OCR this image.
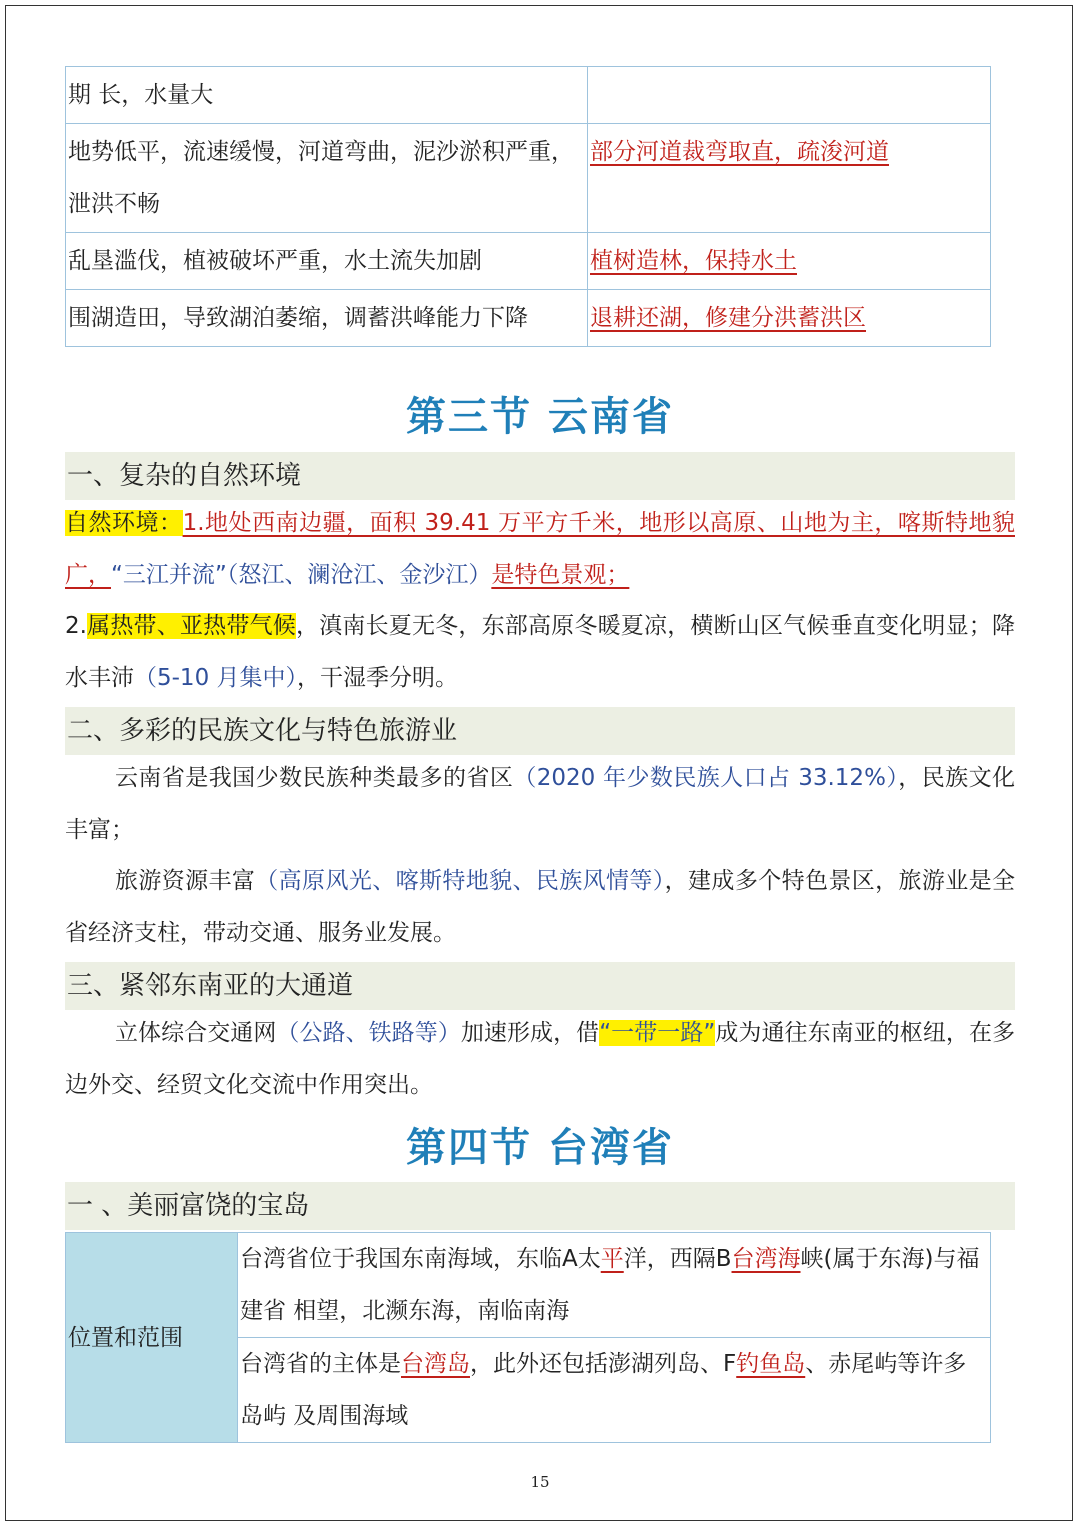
期 长，水量大	
地势低平，流速缓慢，河道弯曲，泥沙淤积严重，泄洪不畅	部分河道裁弯取直，疏浚河道
乱垦滥伐，植被破坏严重，水土流失加剧	植树造林，保持水土
围湖造田，导致湖泊萎缩，调蓄洪峰能力下降	退耕还湖，修建分洪蓄洪区
第三节 云南省
一、复杂的自然环境
自然环境：1.地处西南边疆，面积 39.41 万平方千米，地形以高原、山地为主，喀斯特地貌广，“三江并流”（怒江、澜沧江、金沙江）是特色景观；
2.属热带、亚热带气候，滇南长夏无冬，东部高原冬暖夏凉，横断山区气候垂直变化明显；降水丰沛（5-10 月集中），干湿季分明。
二、多彩的民族文化与特色旅游业
云南省是我国少数民族种类最多的省区（2020 年少数民族人口占 33.12%），民族文化丰富；
旅游资源丰富（高原风光、喀斯特地貌、民族风情等），建成多个特色景区，旅游业是全省经济支柱，带动交通、服务业发展。
三、紧邻东南亚的大通道
立体综合交通网（公路、铁路等）加速形成，借“一带一路”成为通往东南亚的枢纽，在多边外交、经贸文化交流中作用突出。
第四节 台湾省
一 、美丽富饶的宝岛
位置和范围	台湾省位于我国东南海域，东临A太平洋，西隔B台湾海峡(属于东海)与福建省 相望，北濒东海，南临南海
台湾省的主体是台湾岛，此外还包括澎湖列岛、F钓鱼岛、赤尾屿等许多岛屿 及周围海域
15
